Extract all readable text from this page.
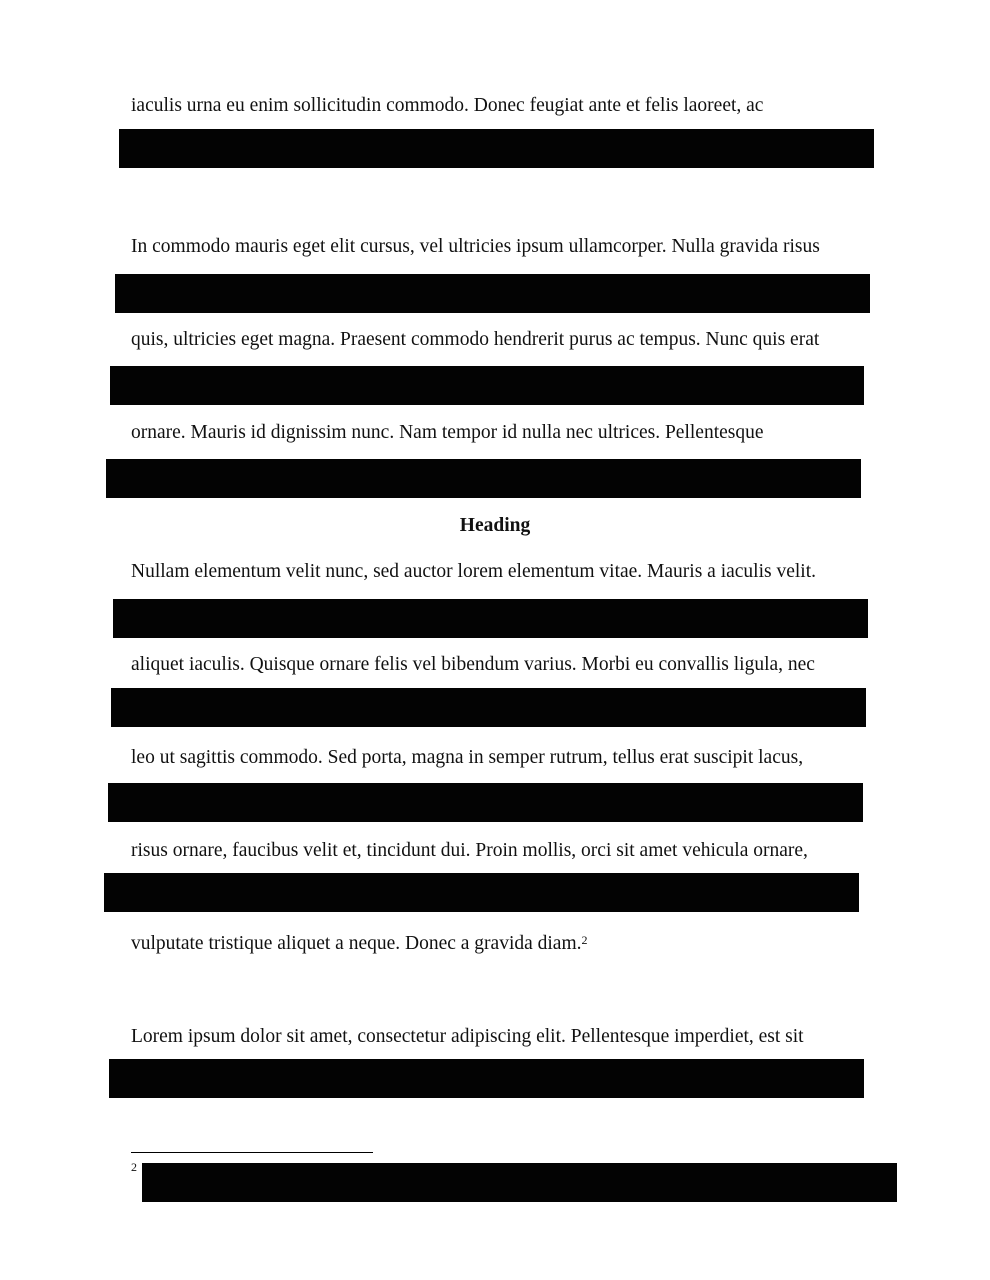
iaculis urna eu enim sollicitudin commodo. Donec feugiat ante et felis laoreet, ac

In commodo mauris eget elit cursus, vel ultricies ipsum ullamcorper. Nulla gravida risus

quis, ultricies eget magna. Praesent commodo hendrerit purus ac tempus. Nunc quis erat

ornare. Mauris id dignissim nunc. Nam tempor id nulla nec ultrices. Pellentesque

Heading

Nullam elementum velit nunc, sed auctor lorem elementum vitae. Mauris a iaculis velit.

aliquet iaculis. Quisque ornare felis vel bibendum varius. Morbi eu convallis ligula, nec

leo ut sagittis commodo. Sed porta, magna in semper rutrum, tellus erat suscipit lacus,

risus ornare, faucibus velit et, tincidunt dui. Proin mollis, orci sit amet vehicula ornare,

vulputate tristique aliquet a neque. Donec a gravida diam.$^2$

Lorem ipsum dolor sit amet, consectetur adipiscing elit. Pellentesque imperdiet, est sit

2
